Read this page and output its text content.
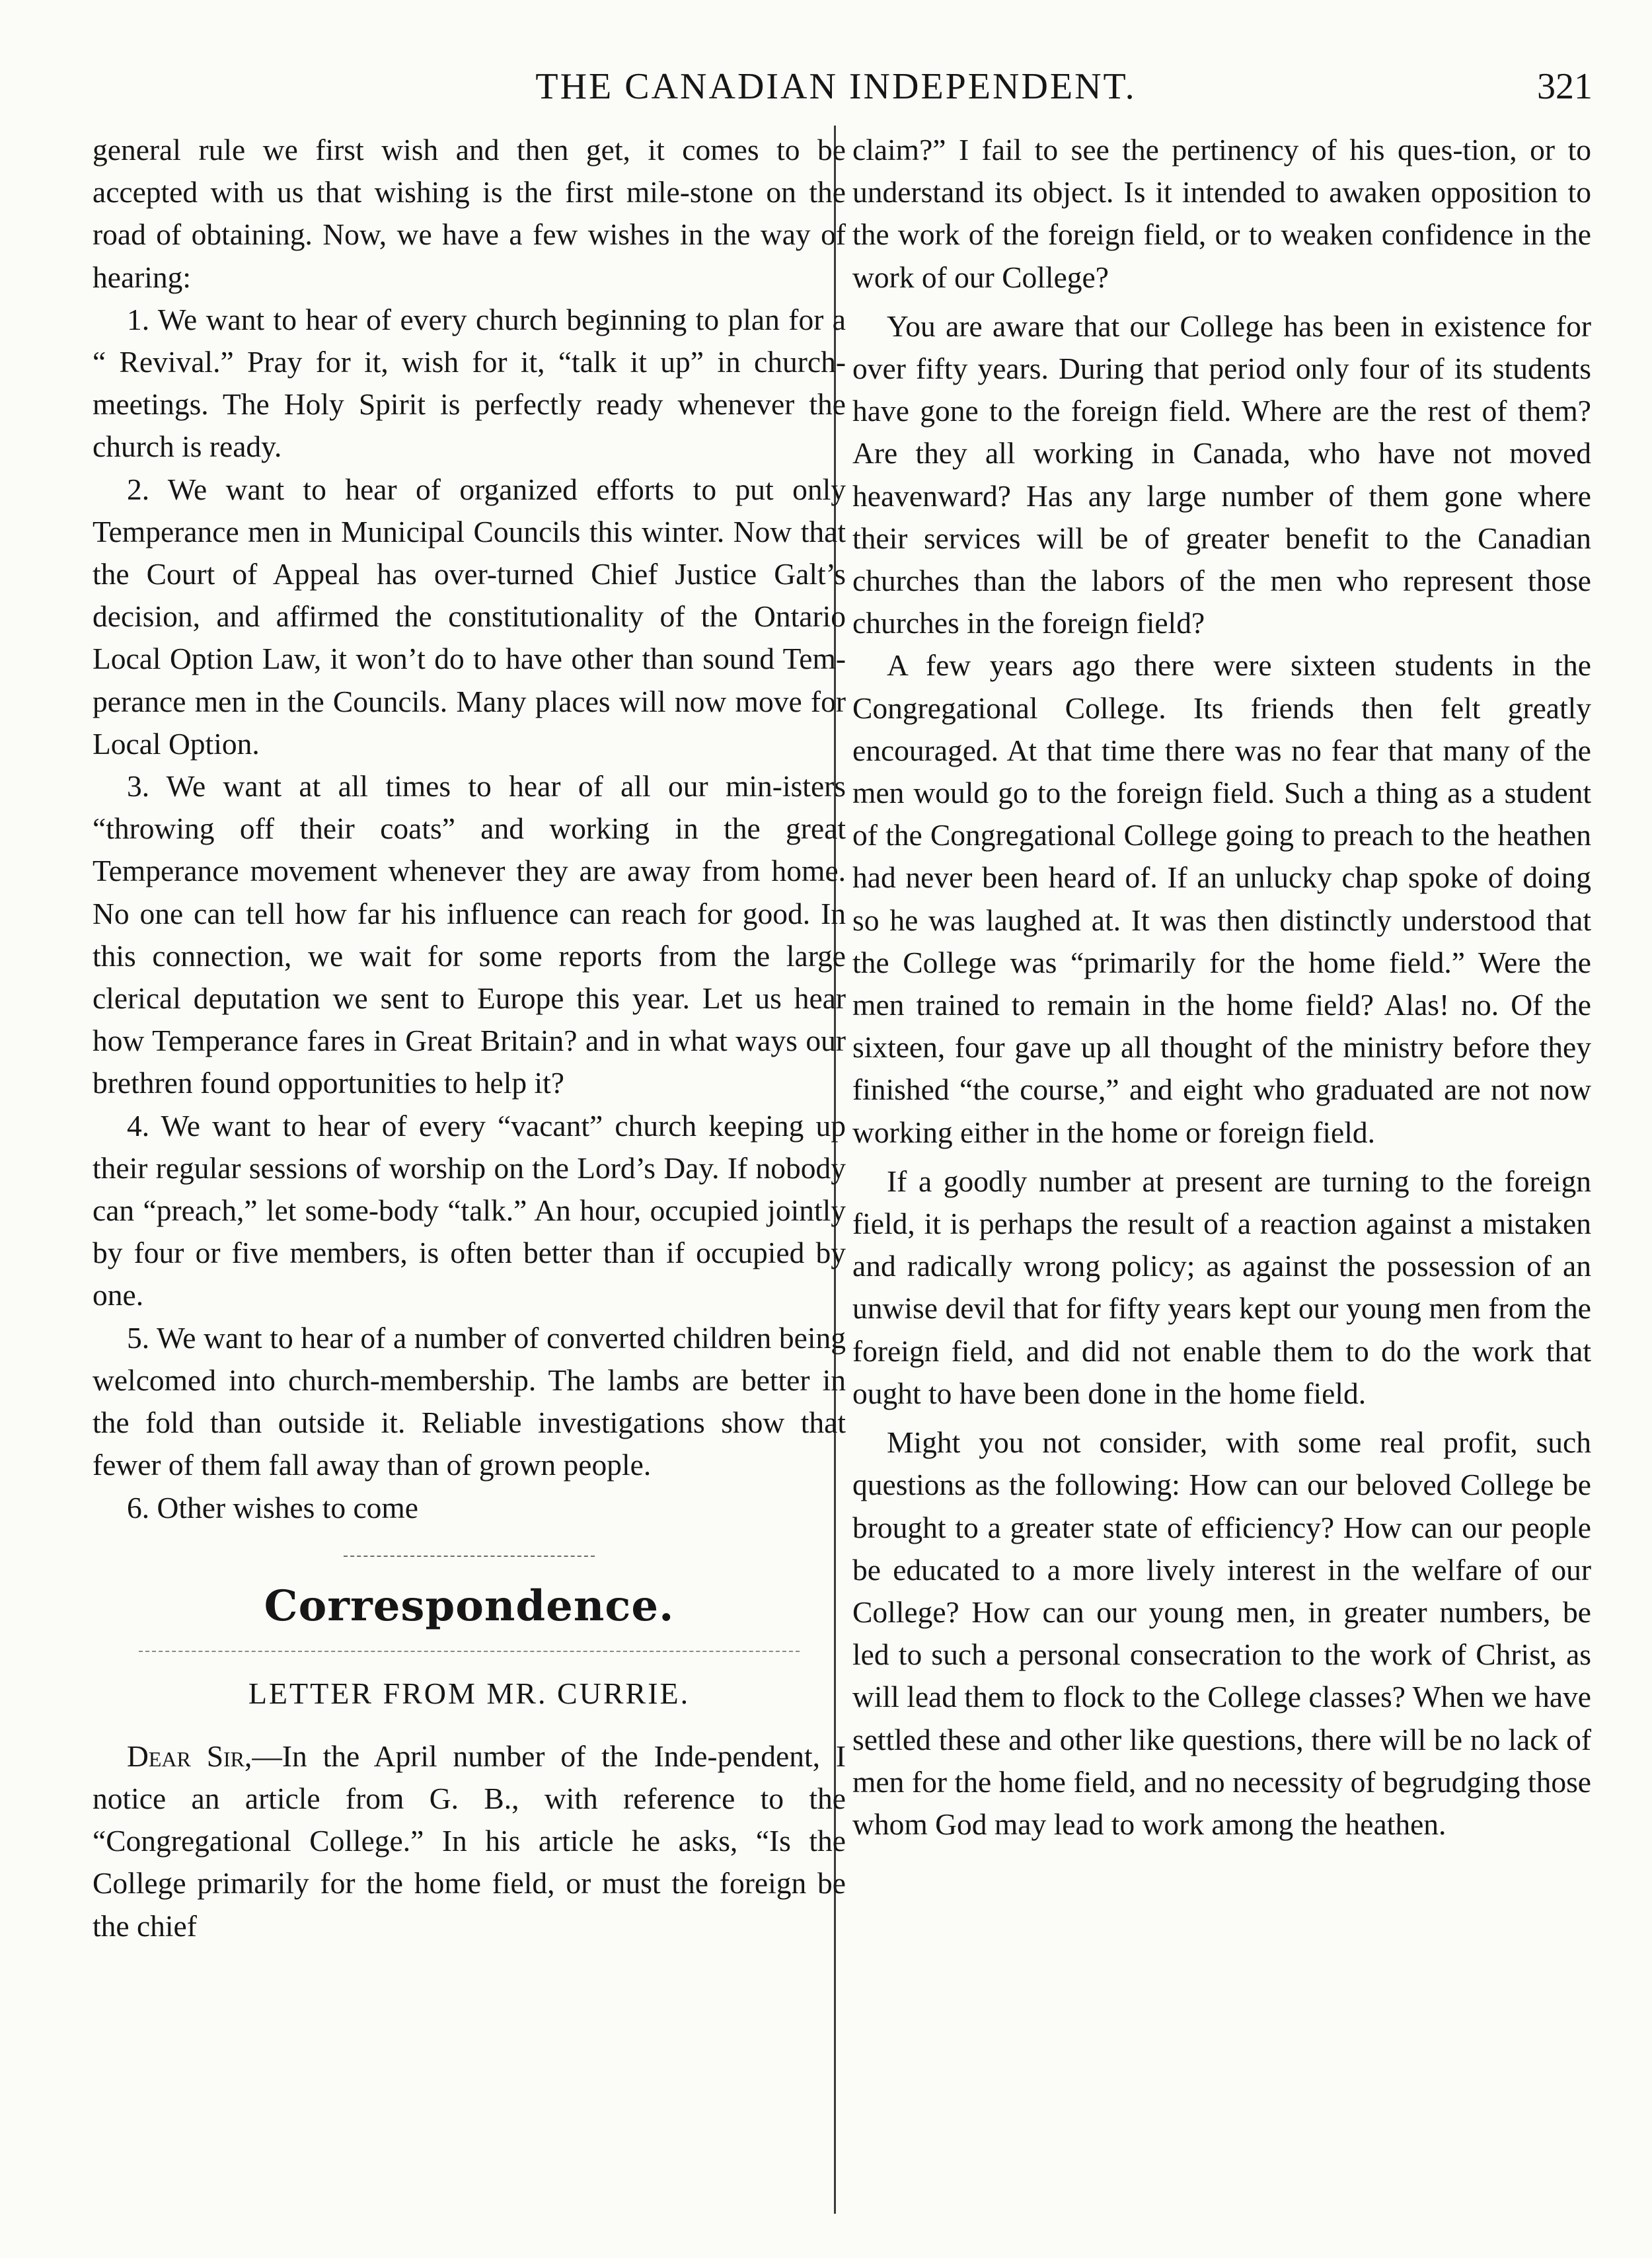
THE CANADIAN INDEPENDENT.	321

general rule we first wish and then get, it comes to be accepted with us that wishing is the first mile-stone on the road of obtaining. Now, we have a few wishes in the way of hearing:

1. We want to hear of every church beginning to plan for a “ Revival.” Pray for it, wish for it, “talk it up” in church-meetings. The Holy Spirit is perfectly ready whenever the church is ready.

2. We want to hear of organized efforts to put only Temperance men in Municipal Councils this winter. Now that the Court of Appeal has over-turned Chief Justice Galt’s decision, and affirmed the constitutionality of the Ontario Local Option Law, it won’t do to have other than sound Tem-perance men in the Councils. Many places will now move for Local Option.

3. We want at all times to hear of all our min-isters “throwing off their coats” and working in the great Temperance movement whenever they are away from home. No one can tell how far his influence can reach for good. In this connection, we wait for some reports from the large clerical deputation we sent to Europe this year. Let us hear how Temperance fares in Great Britain? and in what ways our brethren found opportunities to help it?

4. We want to hear of every “vacant” church keeping up their regular sessions of worship on the Lord’s Day. If nobody can “preach,” let some-body “talk.” An hour, occupied jointly by four or five members, is often better than if occupied by one.

5. We want to hear of a number of converted children being welcomed into church-membership. The lambs are better in the fold than outside it. Reliable investigations show that fewer of them fall away than of grown people.

6. Other wishes to come

Correspondence.
LETTER FROM MR. CURRIE.

Dear Sir,—In the April number of the Inde-pendent, I notice an article from G. B., with reference to the “Congregational College.” In his article he asks, “Is the College primarily for the home field, or must the foreign be the chief

claim?” I fail to see the pertinency of his ques-tion, or to understand its object. Is it intended to awaken opposition to the work of the foreign field, or to weaken confidence in the work of our College?

You are aware that our College has been in existence for over fifty years. During that period only four of its students have gone to the foreign field. Where are the rest of them? Are they all working in Canada, who have not moved heavenward? Has any large number of them gone where their services will be of greater benefit to the Canadian churches than the labors of the men who represent those churches in the foreign field?

A few years ago there were sixteen students in the Congregational College. Its friends then felt greatly encouraged. At that time there was no fear that many of the men would go to the foreign field. Such a thing as a student of the Congregational College going to preach to the heathen had never been heard of. If an unlucky chap spoke of doing so he was laughed at. It was then distinctly understood that the College was “primarily for the home field.” Were the men trained to remain in the home field? Alas! no. Of the sixteen, four gave up all thought of the ministry before they finished “the course,” and eight who graduated are not now working either in the home or foreign field.

If a goodly number at present are turning to the foreign field, it is perhaps the result of a reaction against a mistaken and radically wrong policy; as against the possession of an unwise devil that for fifty years kept our young men from the foreign field, and did not enable them to do the work that ought to have been done in the home field.

Might you not consider, with some real profit, such questions as the following: How can our beloved College be brought to a greater state of efficiency? How can our people be educated to a more lively interest in the welfare of our College? How can our young men, in greater numbers, be led to such a personal consecration to the work of Christ, as will lead them to flock to the College classes? When we have settled these and other like questions, there will be no lack of men for the home field, and no necessity of begrudging those whom God may lead to work among the heathen.
